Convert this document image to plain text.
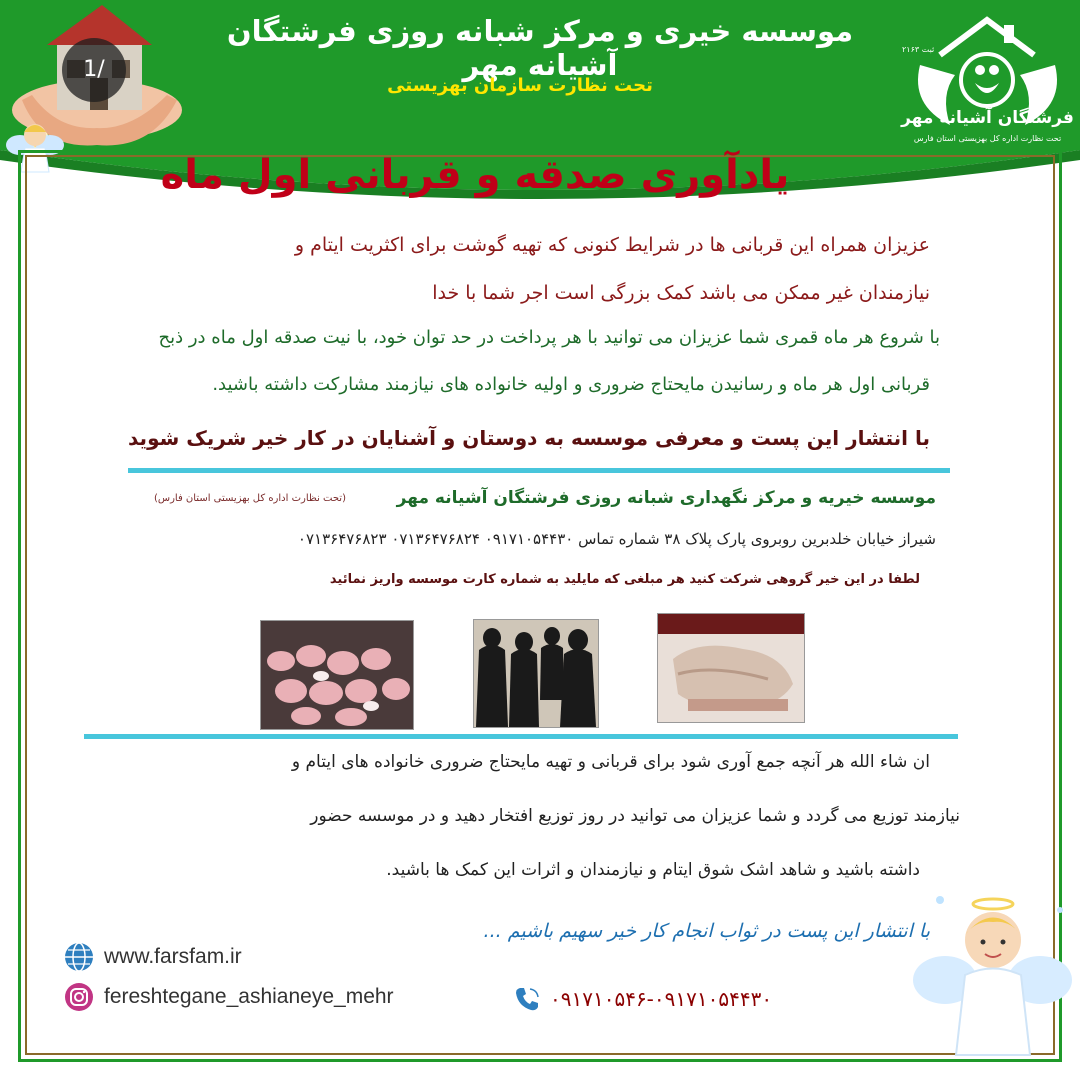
1/
موسسه خیری و مرکز شبانه روزی فرشتگان آشیانه مهر
تحت نظارت سازمان بهزیستی
فرشتگان آشیانه مهر
تحت نظارت اداره کل بهزیستی استان فارس
ثبت ۲۱۶۳
یادآوری صدقه و قربانی اول ماه
عزیزان همراه این قربانی ها در شرایط کنونی که تهیه گوشت برای اکثریت ایتام و
نیازمندان غیر ممکن می باشد کمک بزرگی است اجر شما با خدا
با شروع هر ماه قمری شما عزیزان می توانید با هر پرداخت در حد توان خود، با نیت صدقه اول ماه در ذبح
قربانی اول هر ماه و رسانیدن مایحتاج ضروری و اولیه خانواده های نیازمند مشارکت داشته باشید.
با انتشار این پست و معرفی موسسه به دوستان و آشنایان در کار خیر شریک شوید
موسسه خیریه و مرکز نگهداری شبانه روزی فرشتگان آشیانه مهر
(تحت نظارت اداره کل بهزیستی استان فارس)
شیراز خیابان خلدبرین روبروی پارک پلاک ۳۸ شماره تماس ۰۹۱۷۱۰۵۴۴۳۰ ۰۷۱۳۶۴۷۶۸۲۴ ۰۷۱۳۶۴۷۶۸۲۳
لطفا در این خیر گروهی شرکت کنید هر مبلغی که مایلید به شماره کارت موسسه واریز نمائید
ان شاء الله هر آنچه جمع آوری شود برای قربانی و تهیه مایحتاج ضروری خانواده های ایتام و
نیازمند توزیع می گردد و شما عزیزان می توانید در روز توزیع افتخار دهید و در موسسه حضور
داشته باشید و شاهد اشک شوق ایتام و نیازمندان و اثرات این کمک ها باشید.
با انتشار این پست در ثواب انجام کار خیر سهیم باشیم ...
www.farsfam.ir
fereshtegane_ashianeye_mehr	۰۹۱۷۱۰۵۴۶-۰۹۱۷۱۰۵۴۴۳۰
